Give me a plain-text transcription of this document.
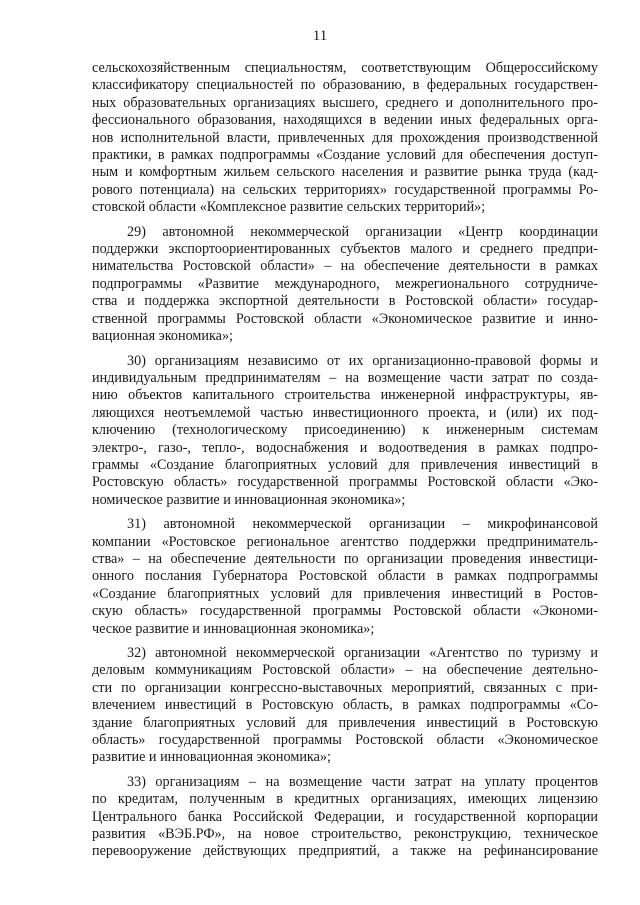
11

сельскохозяйственным специальностям, соответствующим Общероссийскому

классификатору специальностей по образованию, в федеральных государствен-

ных образовательных организациях высшего, среднего и дополнительного про-

фессионального образования, находящихся в ведении иных федеральных орга-

нов исполнительной власти, привлеченных для прохождения производственной

практики, в рамках подпрограммы «Создание условий для обеспечения доступ-

ным и комфортным жильем сельского населения и развитие рынка труда (кад-

рового потенциала) на сельских территориях» государственной программы Ро-

стовской области «Комплексное развитие сельских территорий»;

29) автономной некоммерческой организации «Центр координации

поддержки экспортоориентированных субъектов малого и среднего предпри-

нимательства Ростовской области» – на обеспечение деятельности в рамках

подпрограммы «Развитие международного, межрегионального сотрудниче-

ства и поддержка экспортной деятельности в Ростовской области» государ-

ственной программы Ростовской области «Экономическое развитие и инно-

вационная экономика»;

30) организациям независимо от их организационно-правовой формы и

индивидуальным предпринимателям – на возмещение части затрат по созда-

нию объектов капитального строительства инженерной инфраструктуры, яв-

ляющихся неотъемлемой частью инвестиционного проекта, и (или) их под-

ключению (технологическому присоединению) к инженерным системам

электро-, газо-, тепло-, водоснабжения и водоотведения в рамках подпро-

граммы «Создание благоприятных условий для привлечения инвестиций в

Ростовскую область» государственной программы Ростовской области «Эко-

номическое развитие и инновационная экономика»;

31) автономной некоммерческой организации – микрофинансовой

компании «Ростовское региональное агентство поддержки предприниматель-

ства» – на обеспечение деятельности по организации проведения инвестици-

онного послания Губернатора Ростовской области в рамках подпрограммы

«Создание благоприятных условий для привлечения инвестиций в Ростов-

скую область» государственной программы Ростовской области «Экономи-

ческое развитие и инновационная экономика»;

32) автономной некоммерческой организации «Агентство по туризму и

деловым коммуникациям Ростовской области» – на обеспечение деятельно-

сти по организации конгрессно-выставочных мероприятий, связанных с при-

влечением инвестиций в Ростовскую область, в рамках подпрограммы «Со-

здание благоприятных условий для привлечения инвестиций в Ростовскую

область» государственной программы Ростовской области «Экономическое

развитие и инновационная экономика»;

33) организациям – на возмещение части затрат на уплату процентов

по кредитам, полученным в кредитных организациях, имеющих лицензию

Центрального банка Российской Федерации, и государственной корпорации

развития «ВЭБ.РФ», на новое строительство, реконструкцию, техническое

перевооружение действующих предприятий, а также на рефинансирование
